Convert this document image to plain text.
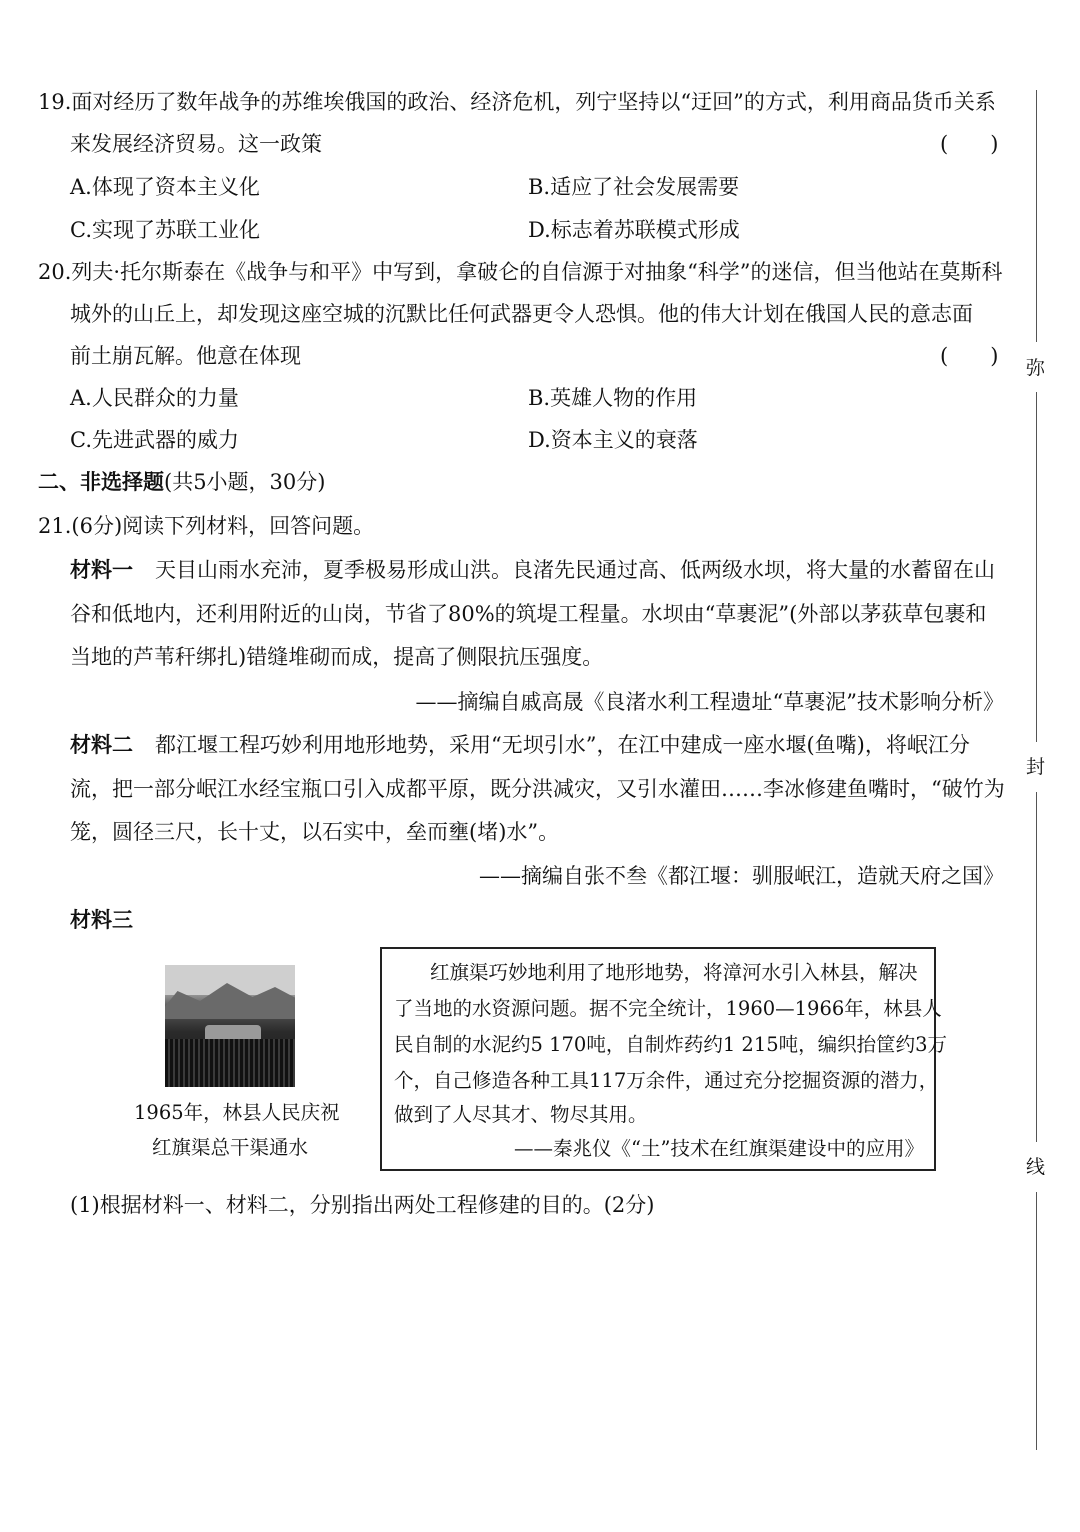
19.面对经历了数年战争的苏维埃俄国的政治、经济危机，列宁坚持以“迂回”的方式，利用商品货币关系
来发展经济贸易。这一政策	(　　)
A.体现了资本主义化	B.适应了社会发展需要
C.实现了苏联工业化	D.标志着苏联模式形成
20.列夫·托尔斯泰在《战争与和平》中写到，拿破仑的自信源于对抽象“科学”的迷信，但当他站在莫斯科
城外的山丘上，却发现这座空城的沉默比任何武器更令人恐惧。他的伟大计划在俄国人民的意志面
前土崩瓦解。他意在体现	(　　)
A.人民群众的力量	B.英雄人物的作用
C.先进武器的威力	D.资本主义的衰落
二、非选择题(共5小题，30分)
21.(6分)阅读下列材料，回答问题。
材料一 天目山雨水充沛，夏季极易形成山洪。良渚先民通过高、低两级水坝，将大量的水蓄留在山
谷和低地内，还利用附近的山岗，节省了80%的筑堤工程量。水坝由“草裹泥”(外部以茅荻草包裹和
当地的芦苇秆绑扎)错缝堆砌而成，提高了侧限抗压强度。
——摘编自戚高晟《良渚水利工程遗址“草裹泥”技术影响分析》
材料二 都江堰工程巧妙利用地形地势，采用“无坝引水”，在江中建成一座水堰(鱼嘴)，将岷江分
流，把一部分岷江水经宝瓶口引入成都平原，既分洪减灾，又引水灌田……李冰修建鱼嘴时，“破竹为
笼，圆径三尺，长十丈，以石实中，垒而壅(堵)水”。
——摘编自张不叁《都江堰：驯服岷江，造就天府之国》
材料三
1965年，林县人民庆祝
红旗渠总干渠通水
红旗渠巧妙地利用了地形地势，将漳河水引入林县，解决
了当地的水资源问题。据不完全统计，1960—1966年，林县人
民自制的水泥约5 170吨，自制炸药约1 215吨，编织抬筐约3万
个，自己修造各种工具117万余件，通过充分挖掘资源的潜力，
做到了人尽其才、物尽其用。
——秦兆仪《“土”技术在红旗渠建设中的应用》
(1)根据材料一、材料二，分别指出两处工程修建的目的。(2分)
弥
封
线
